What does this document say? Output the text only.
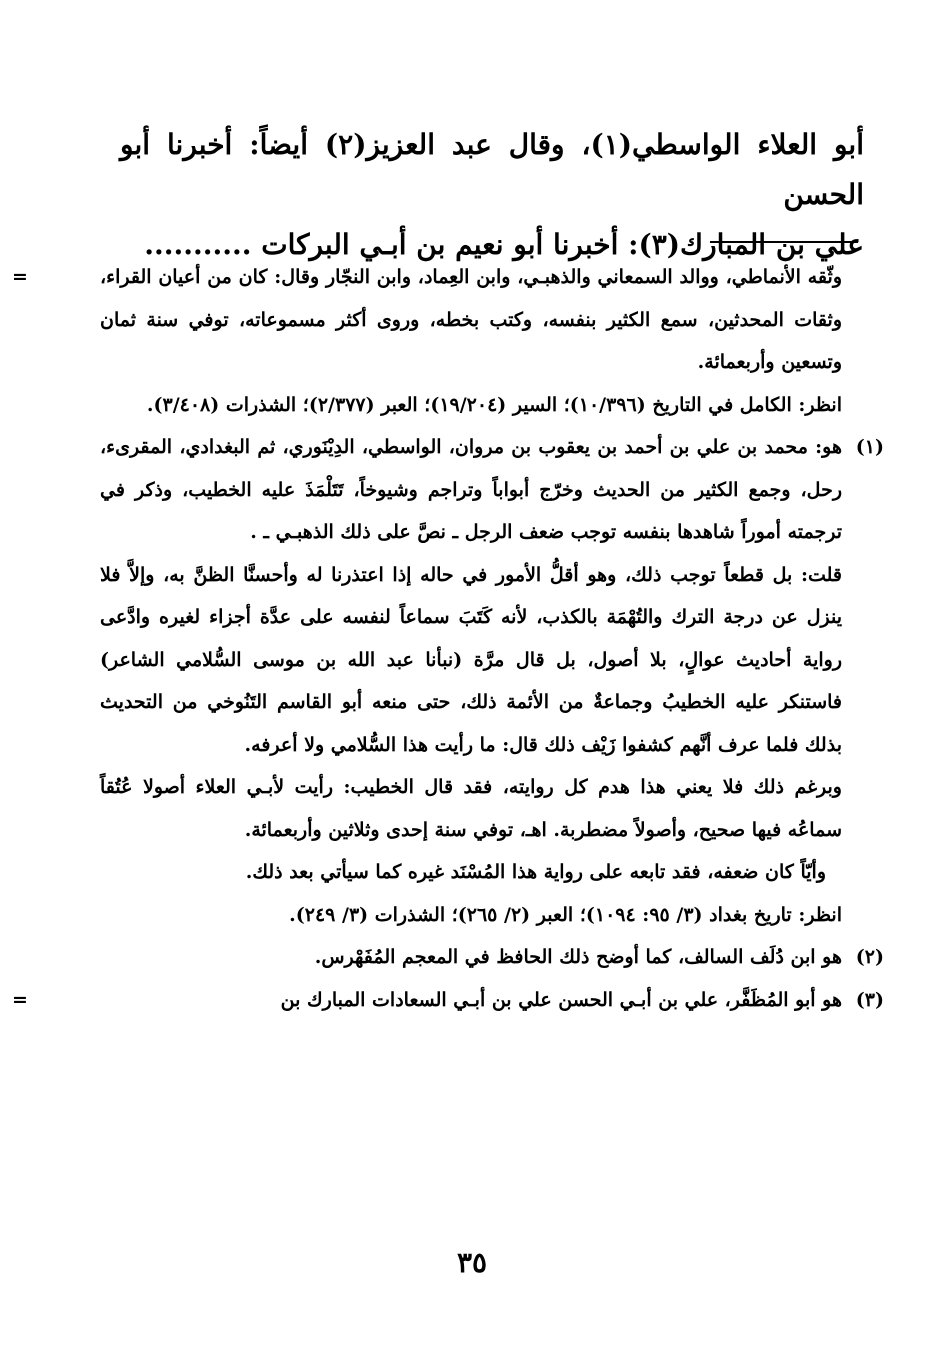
أبو العلاء الواسطي(١)، وقال عبد العزيز(٢) أيضاً: أخبرنا أبو الحسن

علي بن المبارك(٣): أخبرنا أبو نعيم بن أبـي البركات ...........

=	وثّقه الأنماطي، ووالد السمعاني والذهبـي، وابن العِماد، وابن النجّار وقال: كان من أعيان القراء، وثقات المحدثين، سمع الكثير بنفسه، وكتب بخطه، وروى أكثر مسموعاته، توفي سنة ثمان وتسعين وأربعمائة.
انظر: الكامل في التاريخ (١٠/٣٩٦)؛ السير (١٩/٢٠٤)؛ العبر (٢/٣٧٧)؛ الشذرات (٣/٤٠٨).
(١)
هو: محمد بن علي بن أحمد بن يعقوب بن مروان، الواسطي، الدِيْنَوري، ثم البغدادي، المقرىء، رحل، وجمع الكثير من الحديث وخرّج أبواباً وتراجم وشيوخاً، تَتَلْمَذَ عليه الخطيب، وذكر في ترجمته أموراً شاهدها بنفسه توجب ضعف الرجل ـ نصَّ على ذلك الذهبـي ـ .
قلت: بل قطعاً توجب ذلك، وهو أقلُّ الأمور في حاله إذا اعتذرنا له وأحسنَّا الظنَّ به، وإلاَّ فلا ينزل عن درجة الترك والتُهْمَة بالكذب، لأنه كَتَبَ سماعاً لنفسه على عدَّة أجزاء لغيره وادَّعى رواية أحاديث عوالٍ، بلا أصول، بل قال مرَّة (نبأنا عبد الله بن موسى السُّلامي الشاعر) فاستنكر عليه الخطيبُ وجماعةٌ من الأئمة ذلك، حتى منعه أبو القاسم التَنُوخي من التحديث بذلك فلما عرف أنَّهم كشفوا زَيْف ذلك قال: ما رأيت هذا السُّلامي ولا أعرفه.
وبرغم ذلك فلا يعني هذا هدم كل روايته، فقد قال الخطيب: رأيت لأبـي العلاء أصولا عُتُقاً سماعُه فيها صحيح، وأصولاً مضطربة. اهـ، توفي سنة إحدى وثلاثين وأربعمائة.
وأيّاً كان ضعفه، فقد تابعه على رواية هذا المُسْنَد غيره كما سيأتي بعد ذلك.
انظر: تاريخ بغداد (٣/ ٩٥: ١٠٩٤)؛ العبر (٢/ ٢٦٥)؛ الشذرات (٣/ ٢٤٩).
(٢)
هو ابن دُلَف السالف، كما أوضح ذلك الحافظ في المعجم المُفَهْرس.
(٣)
هو أبو المُظَفَّر، علي بن أبـي الحسن علي بن أبـي السعادات المبارك بن
=
٣٥
